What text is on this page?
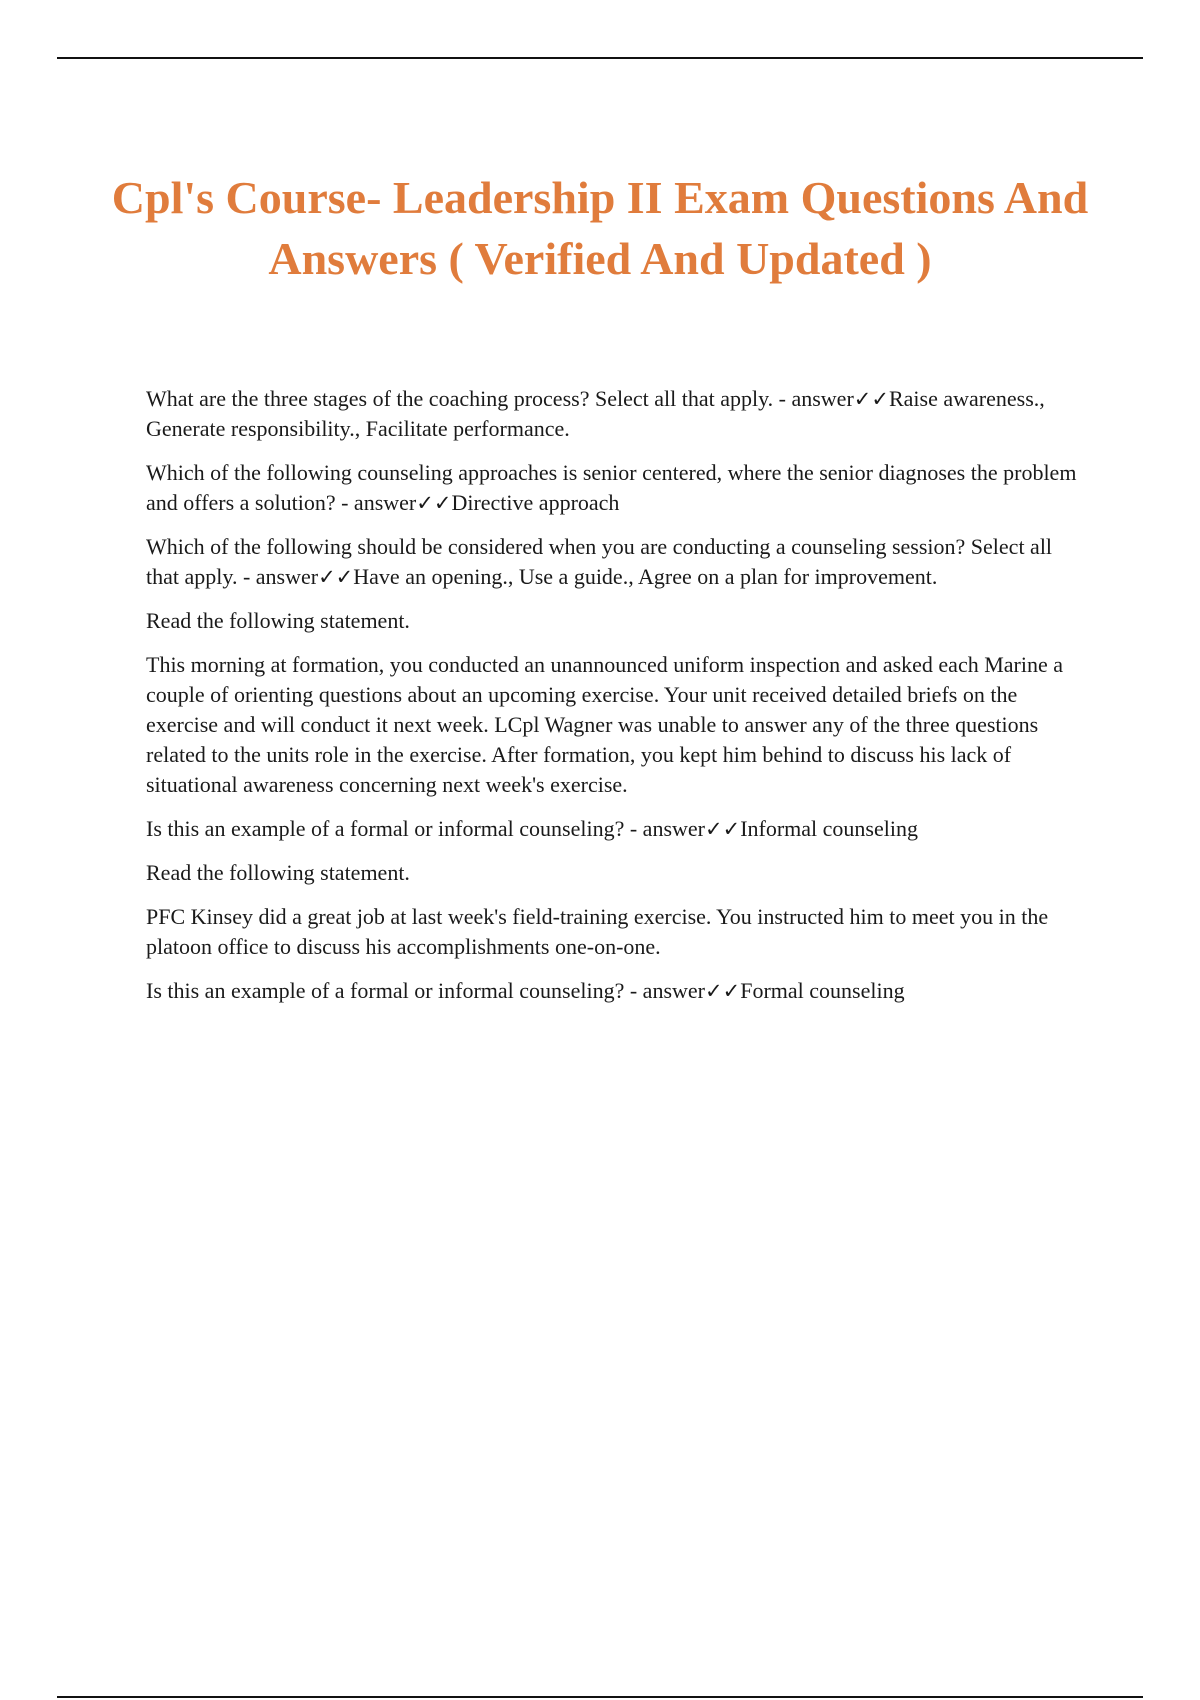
Cpl's Course- Leadership II Exam Questions And Answers ( Verified And Updated )

What are the three stages of the coaching process? Select all that apply. - answer✓✓Raise awareness., Generate responsibility., Facilitate performance.

Which of the following counseling approaches is senior centered, where the senior diagnoses the problem and offers a solution? - answer✓✓Directive approach

Which of the following should be considered when you are conducting a counseling session? Select all that apply. - answer✓✓Have an opening., Use a guide., Agree on a plan for improvement.

Read the following statement.

This morning at formation, you conducted an unannounced uniform inspection and asked each Marine a couple of orienting questions about an upcoming exercise. Your unit received detailed briefs on the exercise and will conduct it next week. LCpl Wagner was unable to answer any of the three questions related to the units role in the exercise. After formation, you kept him behind to discuss his lack of situational awareness concerning next week's exercise.

Is this an example of a formal or informal counseling? - answer✓✓Informal counseling

Read the following statement.

PFC Kinsey did a great job at last week's field-training exercise. You instructed him to meet you in the platoon office to discuss his accomplishments one-on-one.

Is this an example of a formal or informal counseling? - answer✓✓Formal counseling
